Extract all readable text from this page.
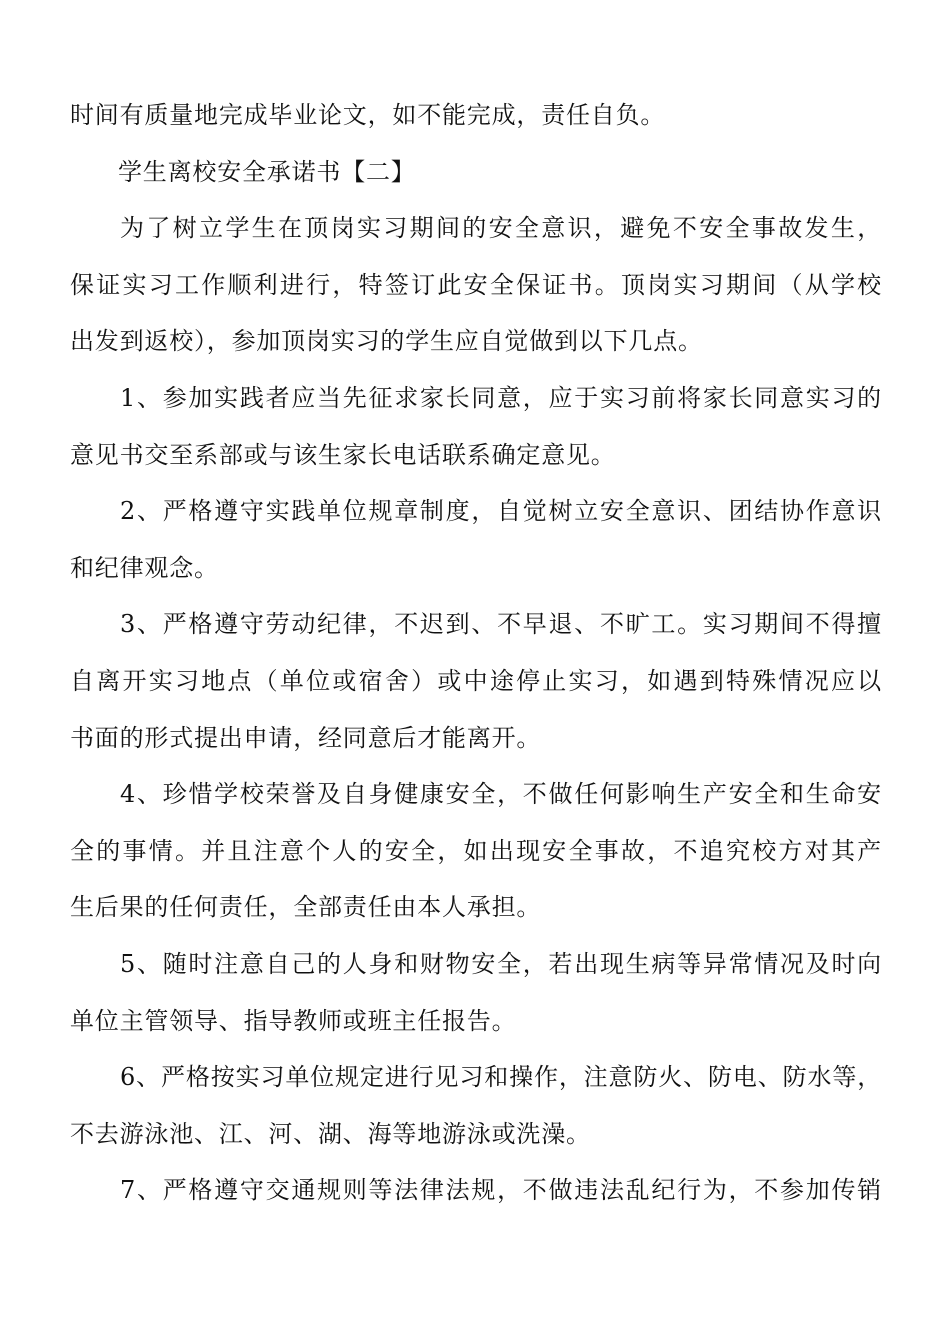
时间有质量地完成毕业论文，如不能完成，责任自负。
学生离校安全承诺书【二】
为了树立学生在顶岗实习期间的安全意识，避免不安全事故发生，
保证实习工作顺利进行，特签订此安全保证书。顶岗实习期间（从学校
出发到返校），参加顶岗实习的学生应自觉做到以下几点。
1、参加实践者应当先征求家长同意，应于实习前将家长同意实习的
意见书交至系部或与该生家长电话联系确定意见。
2、严格遵守实践单位规章制度，自觉树立安全意识、团结协作意识
和纪律观念。
3、严格遵守劳动纪律，不迟到、不早退、不旷工。实习期间不得擅
自离开实习地点（单位或宿舍）或中途停止实习，如遇到特殊情况应以
书面的形式提出申请，经同意后才能离开。
4、珍惜学校荣誉及自身健康安全，不做任何影响生产安全和生命安
全的事情。并且注意个人的安全，如出现安全事故，不追究校方对其产
生后果的任何责任，全部责任由本人承担。
5、随时注意自己的人身和财物安全，若出现生病等异常情况及时向
单位主管领导、指导教师或班主任报告。
6、严格按实习单位规定进行见习和操作，注意防火、防电、防水等，
不去游泳池、江、河、湖、海等地游泳或洗澡。
7、严格遵守交通规则等法律法规，不做违法乱纪行为，不参加传销
